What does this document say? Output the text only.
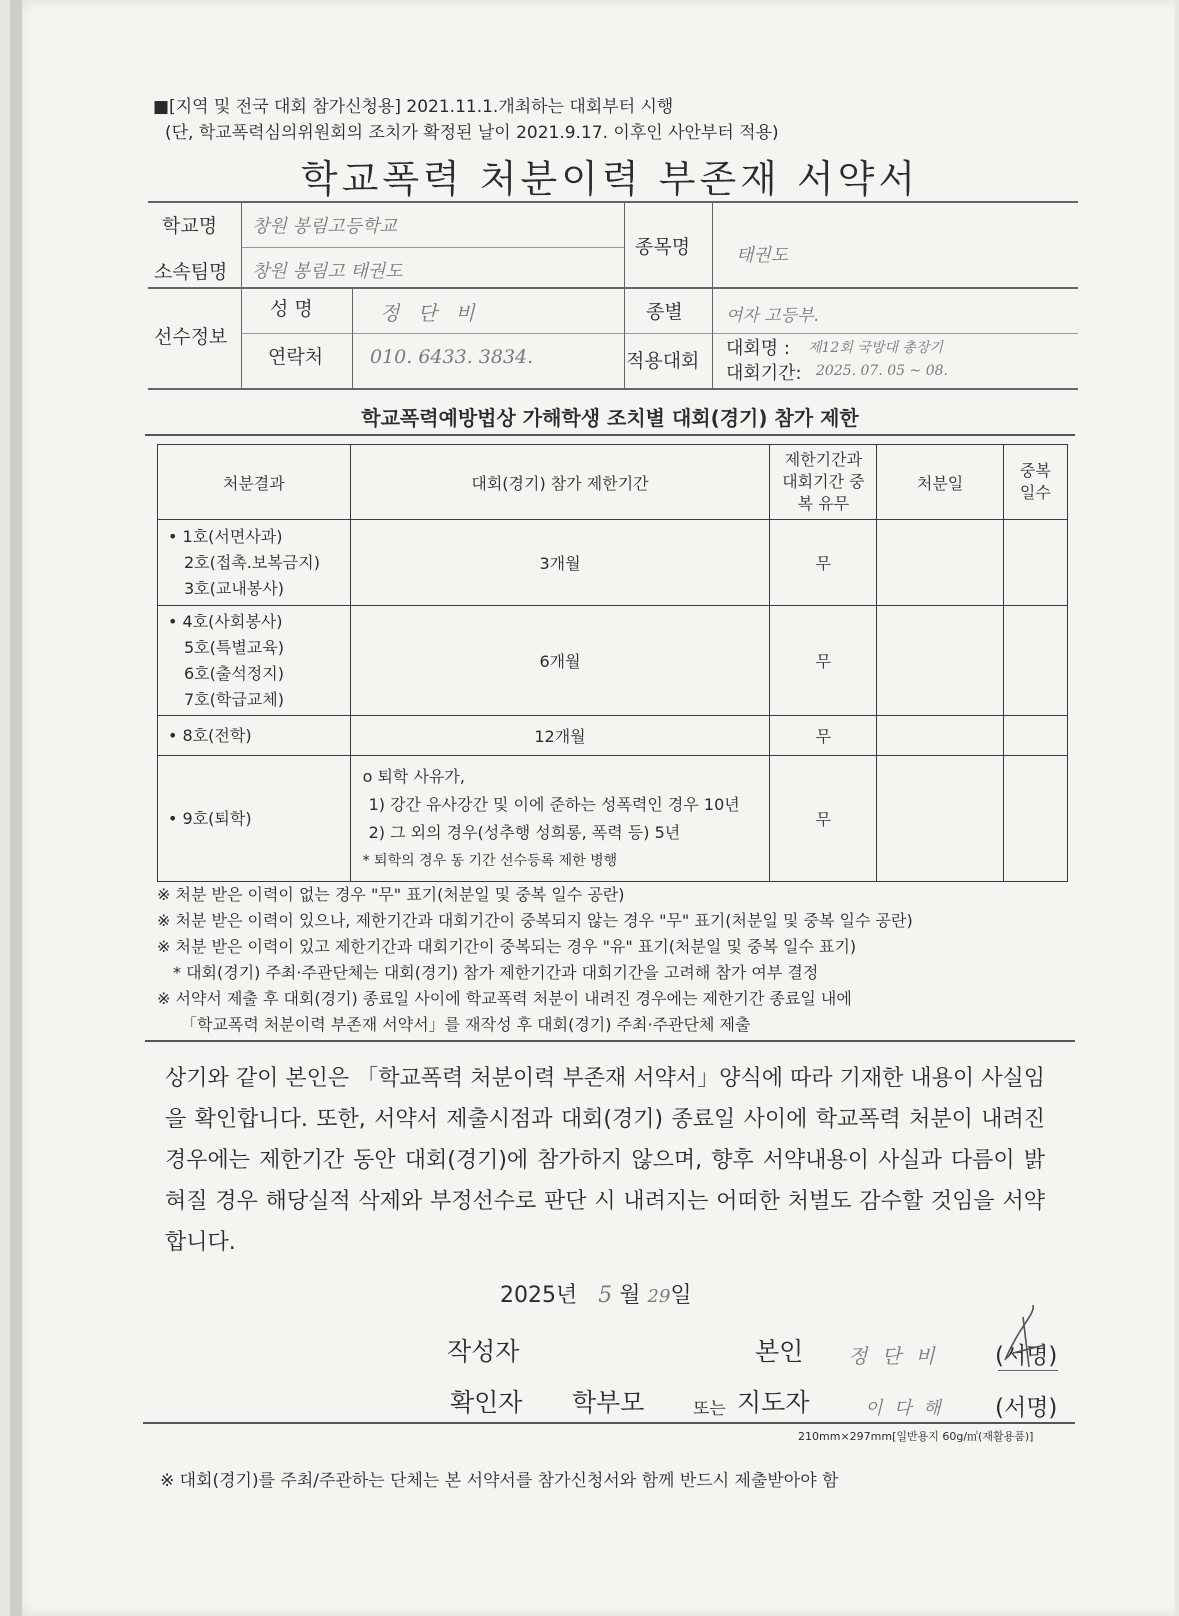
■[지역 및 전국 대회 참가신청용] 2021.11.1.개최하는 대회부터 시행
(단, 학교폭력심의위원회의 조치가 확정된 날이 2021.9.17. 이후인 사안부터 적용)
학교폭력 처분이력 부존재 서약서
학교명 창원 봉림고등학교
소속팀명 창원 봉림고 태권도
종목명	태권도
선수정보
성 명	정 단 비
연락처 010. 6433. 3834.
종별	여자 고등부.
적용대회
대회명 : 제12회 국방대 총장기
대회기간: 2025. 07. 05 ~ 08.
학교폭력예방법상 가해학생 조치별 대회(경기) 참가 제한
처분결과	대회(경기) 참가 제한기간	제한기간과 대회기간 중복 유무	처분일	중복 일수

• 1호(서면사과)
2호(접촉.보복금지)
3호(교내봉사)	3개월	무		

• 4호(사회봉사)
5호(특별교육)
6호(출석정지)
7호(학급교체)	6개월	무		

• 8호(전학)	12개월	무		

• 9호(퇴학)	o 퇴학 사유가,
1) 강간 유사강간 및 이에 준하는 성폭력인 경우 10년
2) 그 외의 경우(성추행 성희롱, 폭력 등) 5년
* 퇴학의 경우 동 기간 선수등록 제한 병행	무		
※ 처분 받은 이력이 없는 경우 "무" 표기(처분일 및 중복 일수 공란)
※ 처분 받은 이력이 있으나, 제한기간과 대회기간이 중복되지 않는 경우 "무" 표기(처분일 및 중복 일수 공란)
※ 처분 받은 이력이 있고 제한기간과 대회기간이 중복되는 경우 "유" 표기(처분일 및 중복 일수 표기)
* 대회(경기) 주최·주관단체는 대회(경기) 참가 제한기간과 대회기간을 고려해 참가 여부 결정
※ 서약서 제출 후 대회(경기) 종료일 사이에 학교폭력 처분이 내려진 경우에는 제한기간 종료일 내에
「학교폭력 처분이력 부존재 서약서」를 재작성 후 대회(경기) 주최·주관단체 제출
상기와 같이 본인은 「학교폭력 처분이력 부존재 서약서」양식에 따라 기재한 내용이 사실임을 확인합니다. 또한, 서약서 제출시점과 대회(경기) 종료일 사이에 학교폭력 처분이 내려진 경우에는 제한기간 동안 대회(경기)에 참가하지 않으며, 향후 서약내용이 사실과 다름이 밝혀질 경우 해당실적 삭제와 부정선수로 판단 시 내려지는 어떠한 처벌도 감수할 것임을 서약합니다.
2025년 5 월 29일
작성자	본인 정 단 비 (서명)
확인자 학부모	또는 지도자	이 다 해 (서명)
210mm×297mm[일반용지 60g/㎡(재활용품)]
※ 대회(경기)를 주최/주관하는 단체는 본 서약서를 참가신청서와 함께 반드시 제출받아야 함
